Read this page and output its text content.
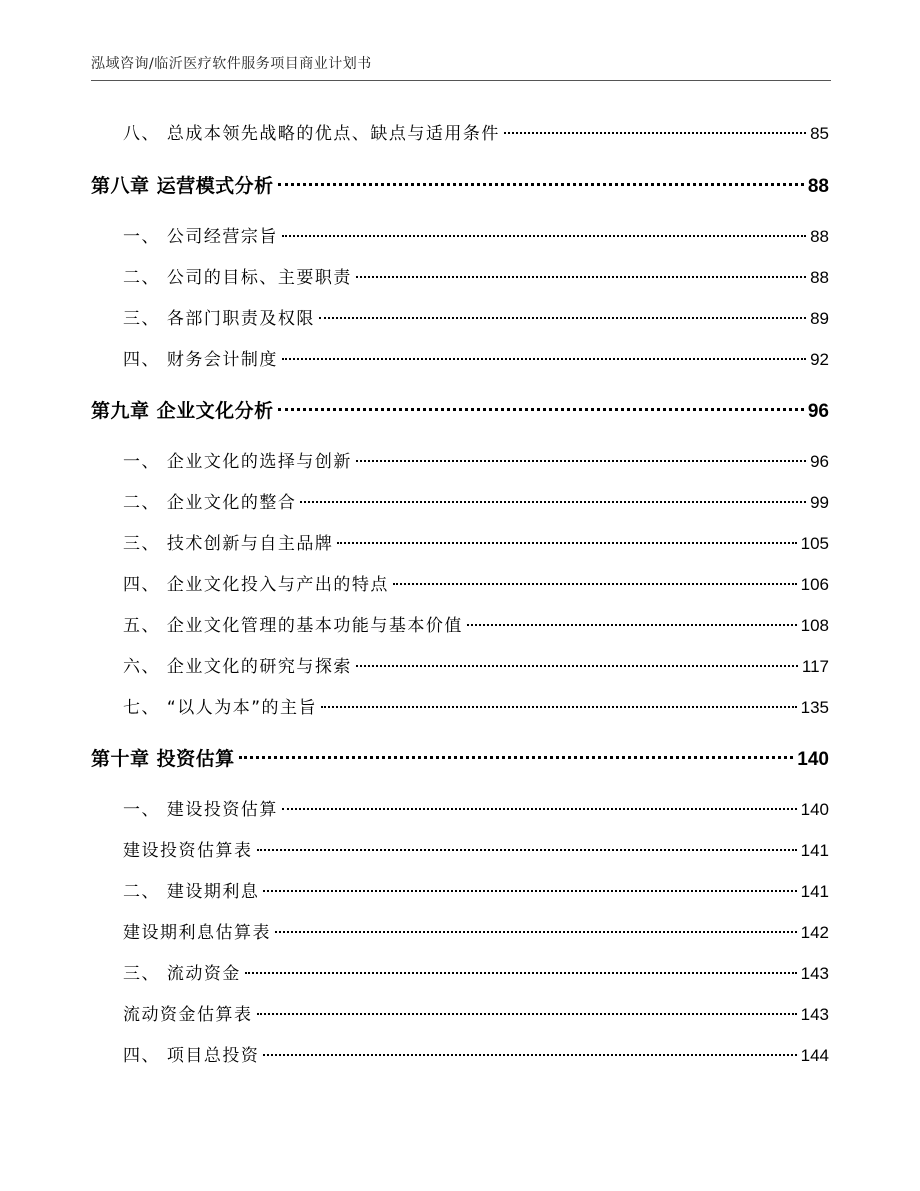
泓域咨询/临沂医疗软件服务项目商业计划书
八、 总成本领先战略的优点、缺点与适用条件	85
第八章 运营模式分析	88
一、 公司经营宗旨	88
二、 公司的目标、主要职责	88
三、 各部门职责及权限	89
四、 财务会计制度	92
第九章 企业文化分析	96
一、 企业文化的选择与创新	96
二、 企业文化的整合	99
三、 技术创新与自主品牌	105
四、 企业文化投入与产出的特点	106
五、 企业文化管理的基本功能与基本价值	108
六、 企业文化的研究与探索	117
七、 “以人为本”的主旨	135
第十章 投资估算	140
一、 建设投资估算	140
建设投资估算表	141
二、 建设期利息	141
建设期利息估算表	142
三、 流动资金	143
流动资金估算表	143
四、 项目总投资	144
